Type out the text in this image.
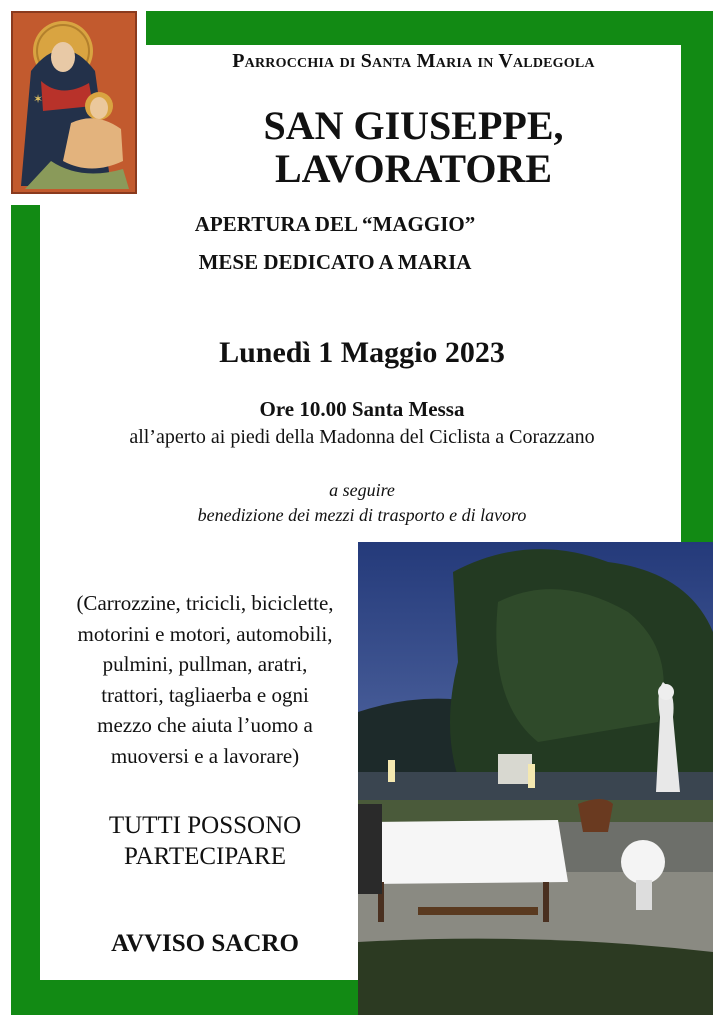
✶
Parrocchia di Santa Maria in Valdegola
SAN GIUSEPPE, LAVORATORE
APERTURA DEL “MAGGIO”
MESE DEDICATO A MARIA
Lunedì 1 Maggio 2023
Ore 10.00 Santa Messa
all’aperto ai piedi della Madonna del Ciclista a Corazzano
a seguire
benedizione dei mezzi di trasporto e di lavoro
(Carrozzine, tricicli, biciclette,
motorini e motori, automobili,
pulmini, pullman, aratri,
trattori, tagliaerba e ogni
mezzo che aiuta l’uomo a
muoversi e a lavorare)
TUTTI POSSONO
PARTECIPARE
AVVISO SACRO
